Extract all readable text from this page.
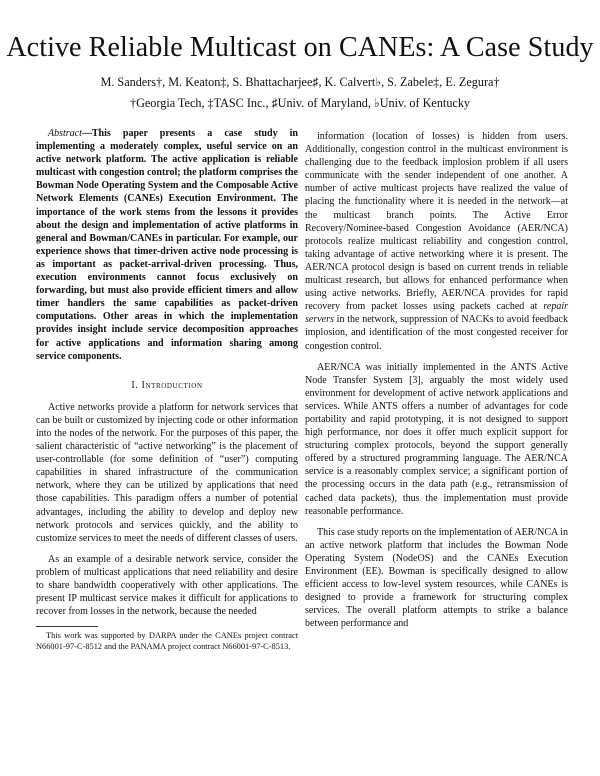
Active Reliable Multicast on CANEs: A Case Study
M. Sanders†, M. Keaton‡, S. Bhattacharjee♯, K. Calvert♭, S. Zabele‡, E. Zegura†
†Georgia Tech, ‡TASC Inc., ♯Univ. of Maryland, ♭Univ. of Kentucky

Abstract—This paper presents a case study in implementing a moderately complex, useful service on an active network platform. The active application is reliable multicast with congestion control; the platform comprises the Bowman Node Operating System and the Composable Active Network Elements (CANEs) Execution Environment. The importance of the work stems from the lessons it provides about the design and implementation of active platforms in general and Bowman/CANEs in particular. For example, our experience shows that timer-driven active node processing is as important as packet-arrival-driven processing. Thus, execution environments cannot focus exclusively on forwarding, but must also provide efficient timers and allow timer handlers the same capabilities as packet-driven computations. Other areas in which the implementation provides insight include service decomposition approaches for active applications and information sharing among service components.

I. Introduction

Active networks provide a platform for network services that can be built or customized by injecting code or other information into the nodes of the network. For the purposes of this paper, the salient characteristic of “active networking” is the placement of user-controllable (for some definition of “user”) computing capabilities in shared infrastructure of the communication network, where they can be utilized by applications that need those capabilities. This paradigm offers a number of potential advantages, including the ability to develop and deploy new network protocols and services quickly, and the ability to customize services to meet the needs of different classes of users.

As an example of a desirable network service, consider the problem of multicast applications that need reliability and desire to share bandwidth cooperatively with other applications. The present IP multicast service makes it difficult for applications to recover from losses in the network, because the needed

This work was supported by DARPA under the CANEs project contract N66001-97-C-8512 and the PANAMA project contract N66001-97-C-8513.

information (location of losses) is hidden from users. Additionally, congestion control in the multicast environment is challenging due to the feedback implosion problem if all users communicate with the sender independent of one another. A number of active multicast projects have realized the value of placing the functionality where it is needed in the network—at the multicast branch points. The Active Error Recovery/Nominee-based Congestion Avoidance (AER/NCA) protocols realize multicast reliability and congestion control, taking advantage of active networking where it is present. The AER/NCA protocol design is based on current trends in reliable multicast research, but allows for enhanced performance when using active networks. Briefly, AER/NCA provides for rapid recovery from packet losses using packets cached at repair servers in the network, suppression of NACKs to avoid feedback implosion, and identification of the most congested receiver for congestion control.

AER/NCA was initially implemented in the ANTS Active Node Transfer System [3], arguably the most widely used environment for development of active network applications and services. While ANTS offers a number of advantages for code portability and rapid prototyping, it is not designed to support high performance, nor does it offer much explicit support for structuring complex protocols, beyond the support generally offered by a structured programming language. The AER/NCA service is a reasonably complex service; a significant portion of the processing occurs in the data path (e.g., retransmission of cached data packets), thus the implementation must provide reasonable performance.

This case study reports on the implementation of AER/NCA in an active network platform that includes the Bowman Node Operating System (NodeOS) and the CANEs Execution Environment (EE). Bowman is specifically designed to allow efficient access to low-level system resources, while CANEs is designed to provide a framework for structuring complex services. The overall platform attempts to strike a balance between performance and
